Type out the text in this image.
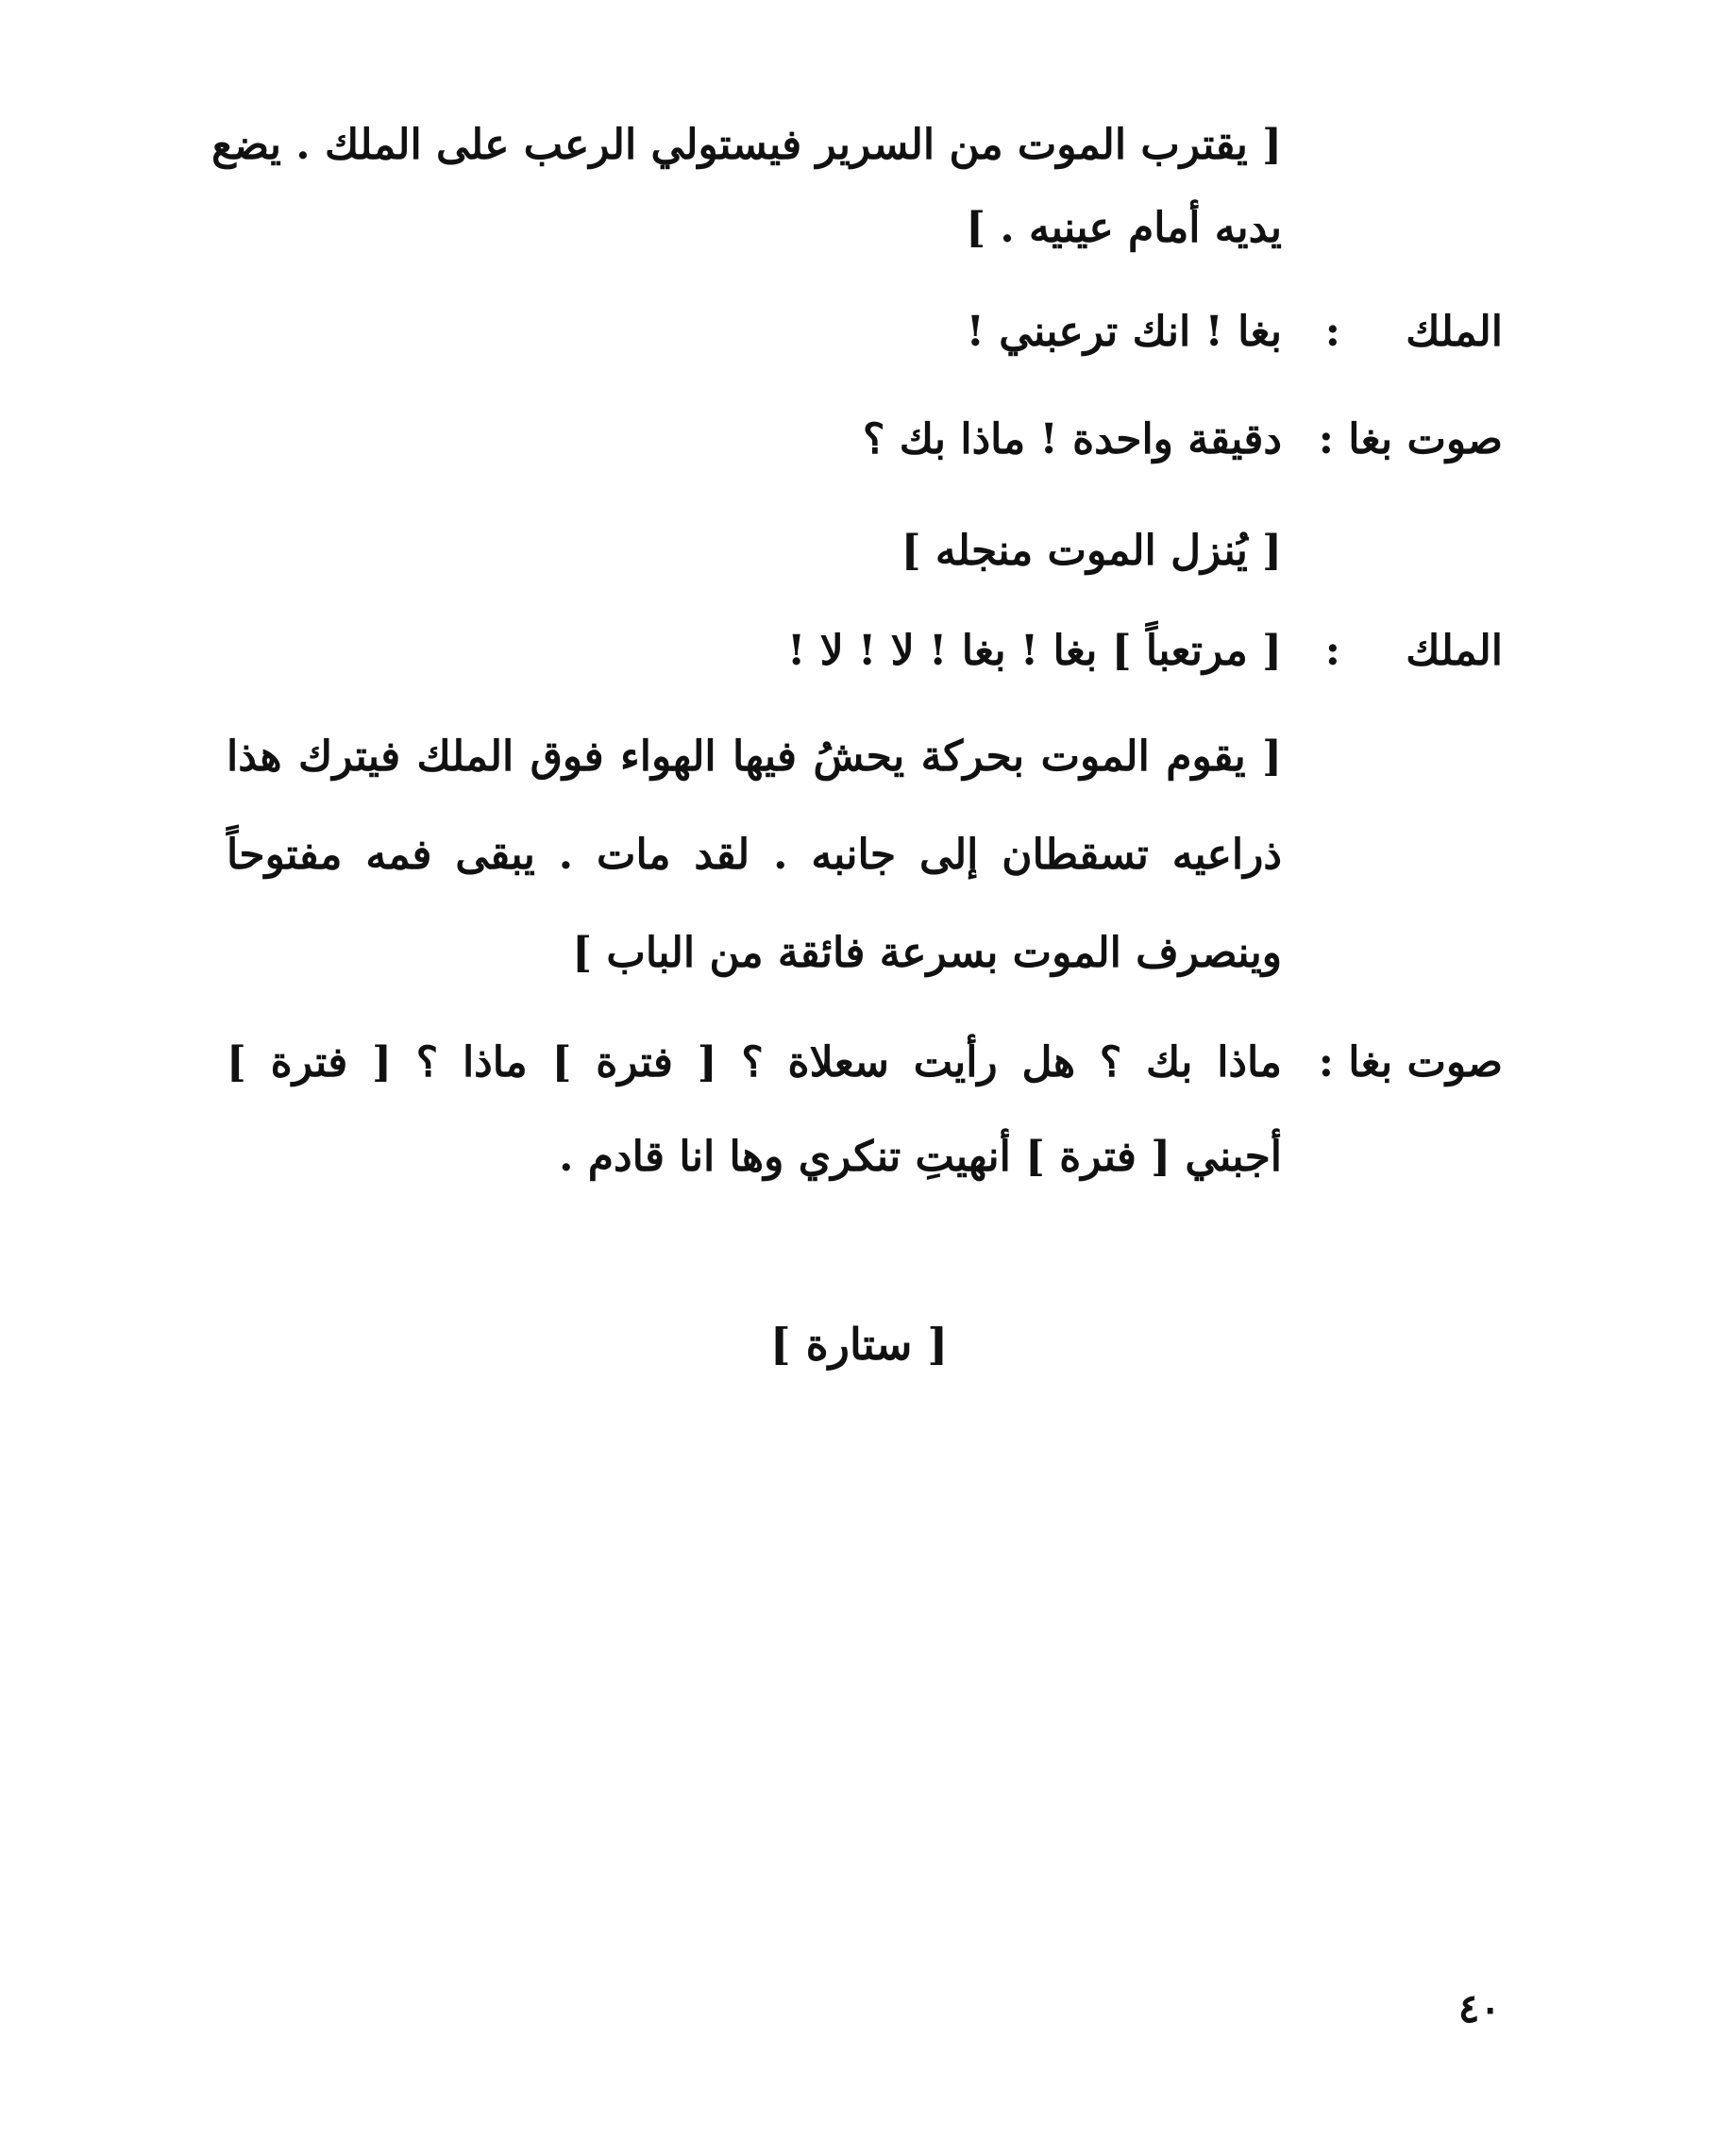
[ يقترب الموت من السرير فيستولي الرعب على الملك . يضع
يديه أمام عينيه . ]
الملك
:
بغا ! انك ترعبني !
صوت بغا :
دقيقة واحدة ! ماذا بك ؟
[ يُنزل الموت منجله ]
الملك
:
[ مرتعباً ] بغا ! بغا ! لا ! لا !
[ يقوم الموت بحركة يحشُ فيها الهواء فوق الملك فيترك هذا
ذراعيه تسقطان إلى جانبه . لقد مات . يبقى فمه مفتوحاً
وينصرف الموت بسرعة فائقة من الباب ]
صوت بغا :
ماذا بك ؟ هل رأيت سعلاة ؟ [ فترة ] ماذا ؟ [ فترة ]
أجبني [ فترة ] أنهيتِ تنكري وها انا قادم .
[ ستارة ]
٤٠
